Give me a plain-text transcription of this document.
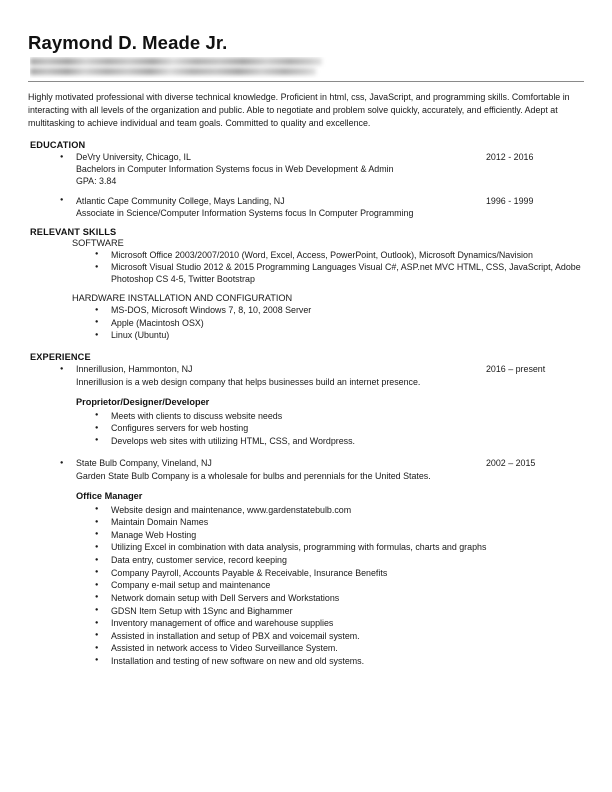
Raymond D. Meade Jr.

Highly motivated professional with diverse technical knowledge. Proficient in html, css, JavaScript, and programming skills. Comfortable in interacting with all levels of the organization and public. Able to negotiate and problem solve quickly, accurately, and efficiently. Adept at multitasking to achieve individual and team goals. Committed to quality and excellence.

EDUCATION
● DeVry University, Chicago, IL	2012 - 2016
Bachelors in Computer Information Systems focus in Web Development & Admin
GPA: 3.84
● Atlantic Cape Community College, Mays Landing, NJ	1996 - 1999
Associate in Science/Computer Information Systems focus In Computer Programming
RELEVANT SKILLS
SOFTWARE
● Microsoft Office 2003/2007/2010 (Word, Excel, Access, PowerPoint, Outlook), Microsoft Dynamics/Navision
● Microsoft Visual Studio 2012 & 2015 Programming Languages Visual C#, ASP.net MVC HTML, CSS, JavaScript, Adobe Photoshop CS 4-5, Twitter Bootstrap
HARDWARE INSTALLATION AND CONFIGURATION
● MS-DOS, Microsoft Windows 7, 8, 10, 2008 Server
● Apple (Macintosh OSX)
● Linux (Ubuntu)
EXPERIENCE
● Innerillusion, Hammonton, NJ	2016 – present
Innerillusion is a web design company that helps businesses build an internet presence.
Proprietor/Designer/Developer
● Meets with clients to discuss website needs
● Configures servers for web hosting
● Develops web sites with utilizing HTML, CSS, and Wordpress.
● State Bulb Company, Vineland, NJ	2002 – 2015
Garden State Bulb Company is a wholesale for bulbs and perennials for the United States.
Office Manager
● Website design and maintenance, www.gardenstatebulb.com
● Maintain Domain Names
● Manage Web Hosting
● Utilizing Excel in combination with data analysis, programming with formulas, charts and graphs
● Data entry, customer service, record keeping
● Company Payroll, Accounts Payable & Receivable, Insurance Benefits
● Company e-mail setup and maintenance
● Network domain setup with Dell Servers and Workstations
● GDSN Item Setup with 1Sync and Bighammer
● Inventory management of office and warehouse supplies
● Assisted in installation and setup of PBX and voicemail system.
● Assisted in network access to Video Surveillance System.
● Installation and testing of new software on new and old systems.
